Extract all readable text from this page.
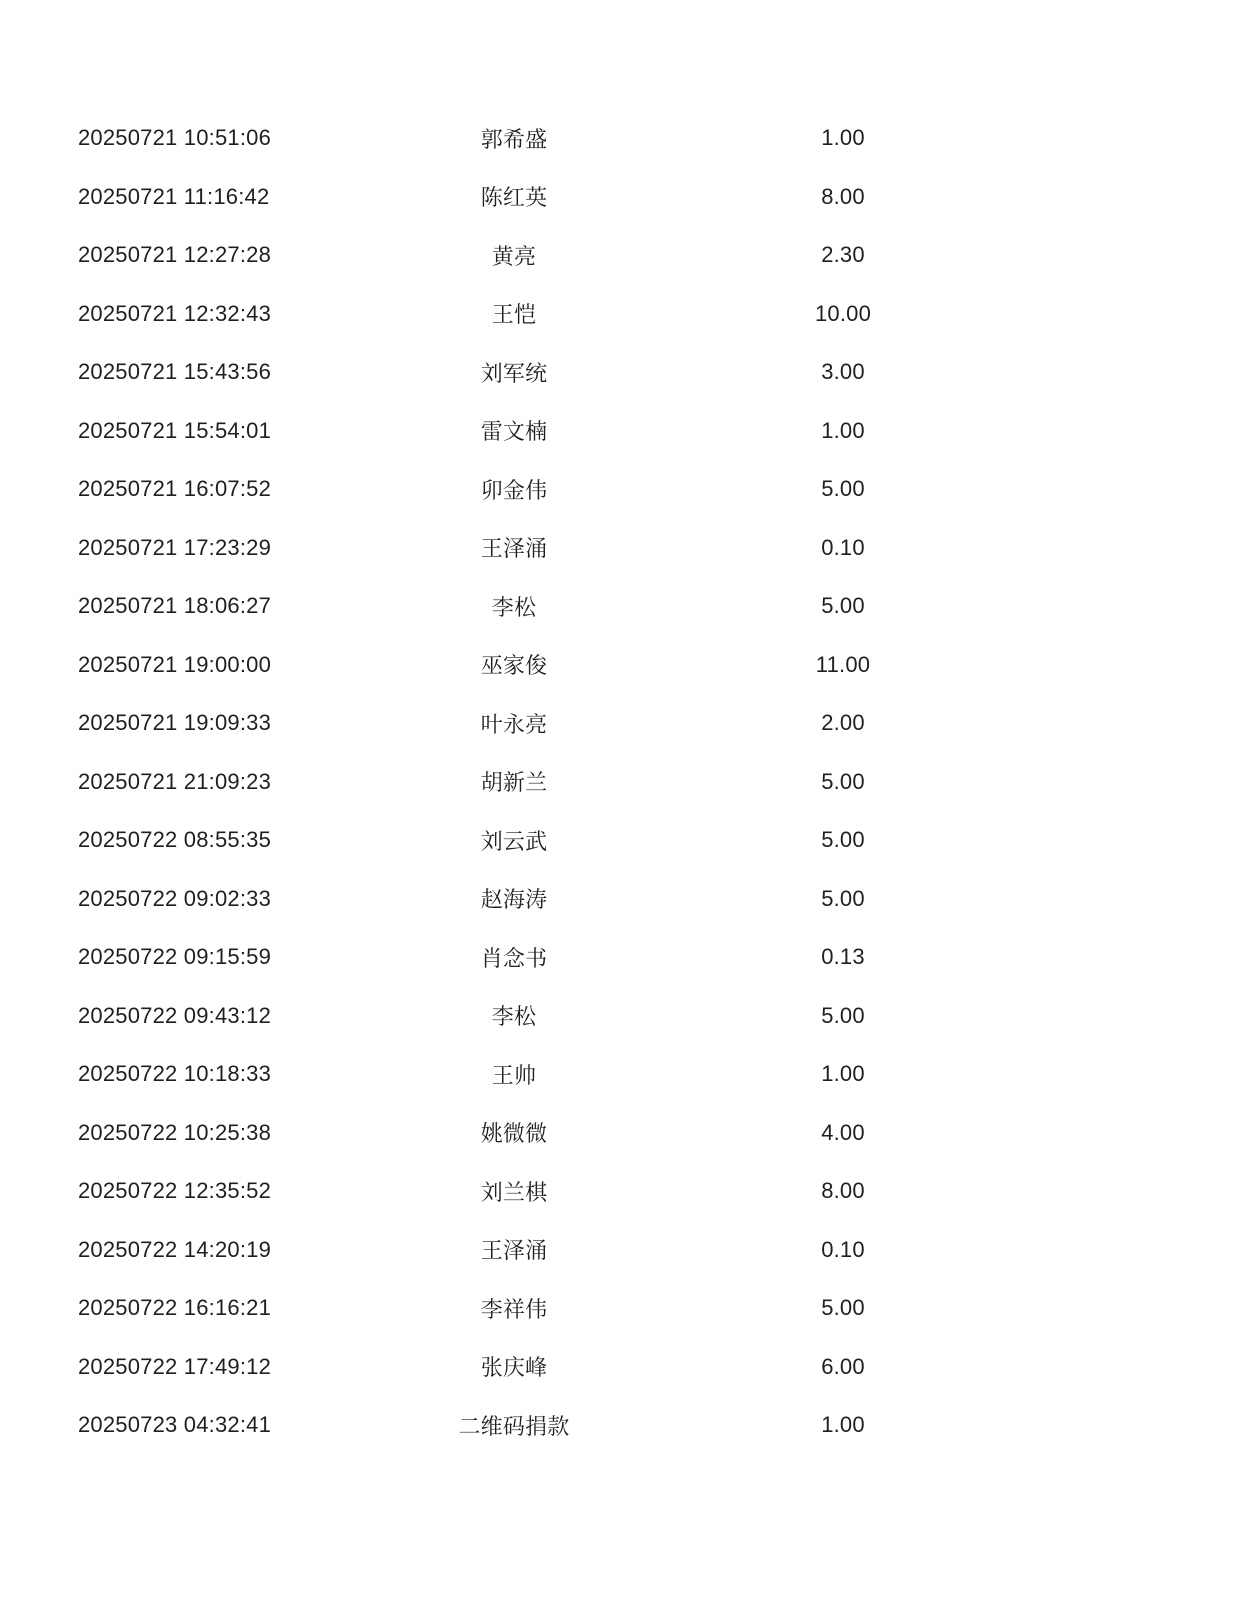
20250721 10:51:06	郭希盛	1.00
20250721 11:16:42	陈红英	8.00
20250721 12:27:28	黄亮	2.30
20250721 12:32:43	王恺	10.00
20250721 15:43:56	刘军统	3.00
20250721 15:54:01	雷文楠	1.00
20250721 16:07:52	卯金伟	5.00
20250721 17:23:29	王泽涌	0.10
20250721 18:06:27	李松	5.00
20250721 19:00:00	巫家俊	11.00
20250721 19:09:33	叶永亮	2.00
20250721 21:09:23	胡新兰	5.00
20250722 08:55:35	刘云武	5.00
20250722 09:02:33	赵海涛	5.00
20250722 09:15:59	肖念书	0.13
20250722 09:43:12	李松	5.00
20250722 10:18:33	王帅	1.00
20250722 10:25:38	姚微微	4.00
20250722 12:35:52	刘兰棋	8.00
20250722 14:20:19	王泽涌	0.10
20250722 16:16:21	李祥伟	5.00
20250722 17:49:12	张庆峰	6.00
20250723 04:32:41	二维码捐款	1.00
